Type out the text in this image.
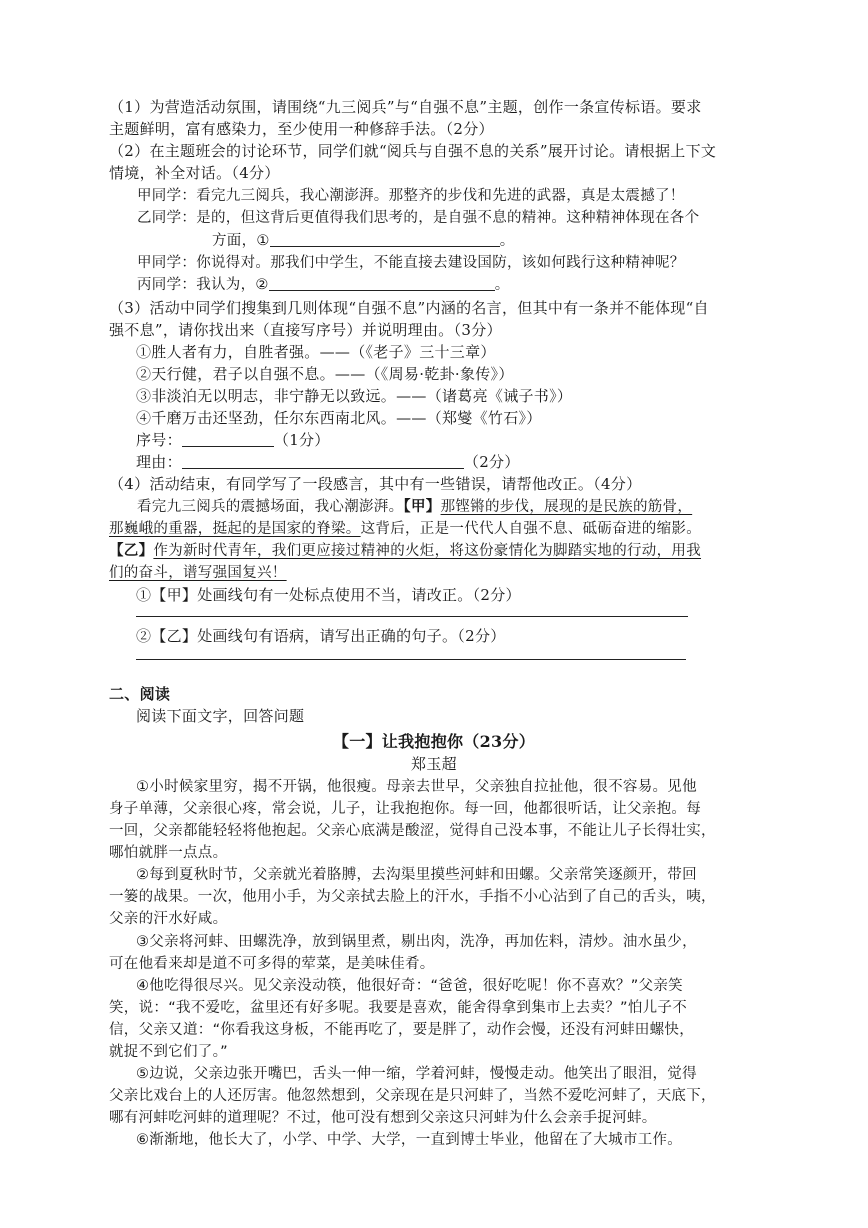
（1）为营造活动氛围，请围绕“九三阅兵”与“自强不息”主题，创作一条宣传标语。要求
主题鲜明，富有感染力，至少使用一种修辞手法。（2分）
（2）在主题班会的讨论环节，同学们就“阅兵与自强不息的关系”展开讨论。请根据上下文
情境，补全对话。（4分）
甲同学：看完九三阅兵，我心潮澎湃。那整齐的步伐和先进的武器，真是太震撼了！
乙同学：是的，但这背后更值得我们思考的，是自强不息的精神。这种精神体现在各个
方面，①	。
甲同学：你说得对。那我们中学生，不能直接去建设国防，该如何践行这种精神呢？
丙同学：我认为，②	。
（3）活动中同学们搜集到几则体现“自强不息”内涵的名言，但其中有一条并不能体现“自
强不息”，请你找出来（直接写序号）并说明理由。（3分）
①胜人者有力，自胜者强。——（《老子》三十三章）
②天行健，君子以自强不息。——（《周易·乾卦·象传》）
③非淡泊无以明志，非宁静无以致远。——（诸葛亮《诫子书》）
④千磨万击还坚劲，任尔东西南北风。——（郑燮《竹石》）
序号：	（1分）
理由：	（2分）
（4）活动结束，有同学写了一段感言，其中有一些错误，请帮他改正。（4分）
看完九三阅兵的震撼场面，我心潮澎湃。【甲】那铿锵的步伐，展现的是民族的筋骨，
那巍峨的重器，挺起的是国家的脊梁。这背后，正是一代代人自强不息、砥砺奋进的缩影。
【乙】作为新时代青年，我们更应接过精神的火炬，将这份豪情化为脚踏实地的行动，用我
们的奋斗，谱写强国复兴！
①【甲】处画线句有一处标点使用不当，请改正。（2分）
②【乙】处画线句有语病，请写出正确的句子。（2分）
二、阅读
阅读下面文字，回答问题
【一】让我抱抱你（23分）
郑玉超
①小时候家里穷，揭不开锅，他很瘦。母亲去世早，父亲独自拉扯他，很不容易。见他
身子单薄，父亲很心疼，常会说，儿子，让我抱抱你。每一回，他都很听话，让父亲抱。每
一回，父亲都能轻轻将他抱起。父亲心底满是酸涩，觉得自己没本事，不能让儿子长得壮实，
哪怕就胖一点点。
②每到夏秋时节，父亲就光着胳膊，去沟渠里摸些河蚌和田螺。父亲常笑逐颜开，带回
一篓的战果。一次，他用小手，为父亲拭去脸上的汗水，手指不小心沾到了自己的舌头，咦，
父亲的汗水好咸。
③父亲将河蚌、田螺洗净，放到锅里煮，剔出肉，洗净，再加佐料，清炒。油水虽少，
可在他看来却是道不可多得的荤菜，是美味佳肴。
④他吃得很尽兴。见父亲没动筷，他很好奇：“爸爸，很好吃呢！你不喜欢？”父亲笑
笑，说：“我不爱吃，盆里还有好多呢。我要是喜欢，能舍得拿到集市上去卖？”怕儿子不
信，父亲又道：“你看我这身板，不能再吃了，要是胖了，动作会慢，还没有河蚌田螺快，
就捉不到它们了。”
⑤边说，父亲边张开嘴巴，舌头一伸一缩，学着河蚌，慢慢走动。他笑出了眼泪，觉得
父亲比戏台上的人还厉害。他忽然想到，父亲现在是只河蚌了，当然不爱吃河蚌了，天底下，
哪有河蚌吃河蚌的道理呢？不过，他可没有想到父亲这只河蚌为什么会亲手捉河蚌。
⑥渐渐地，他长大了，小学、中学、大学，一直到博士毕业，他留在了大城市工作。
